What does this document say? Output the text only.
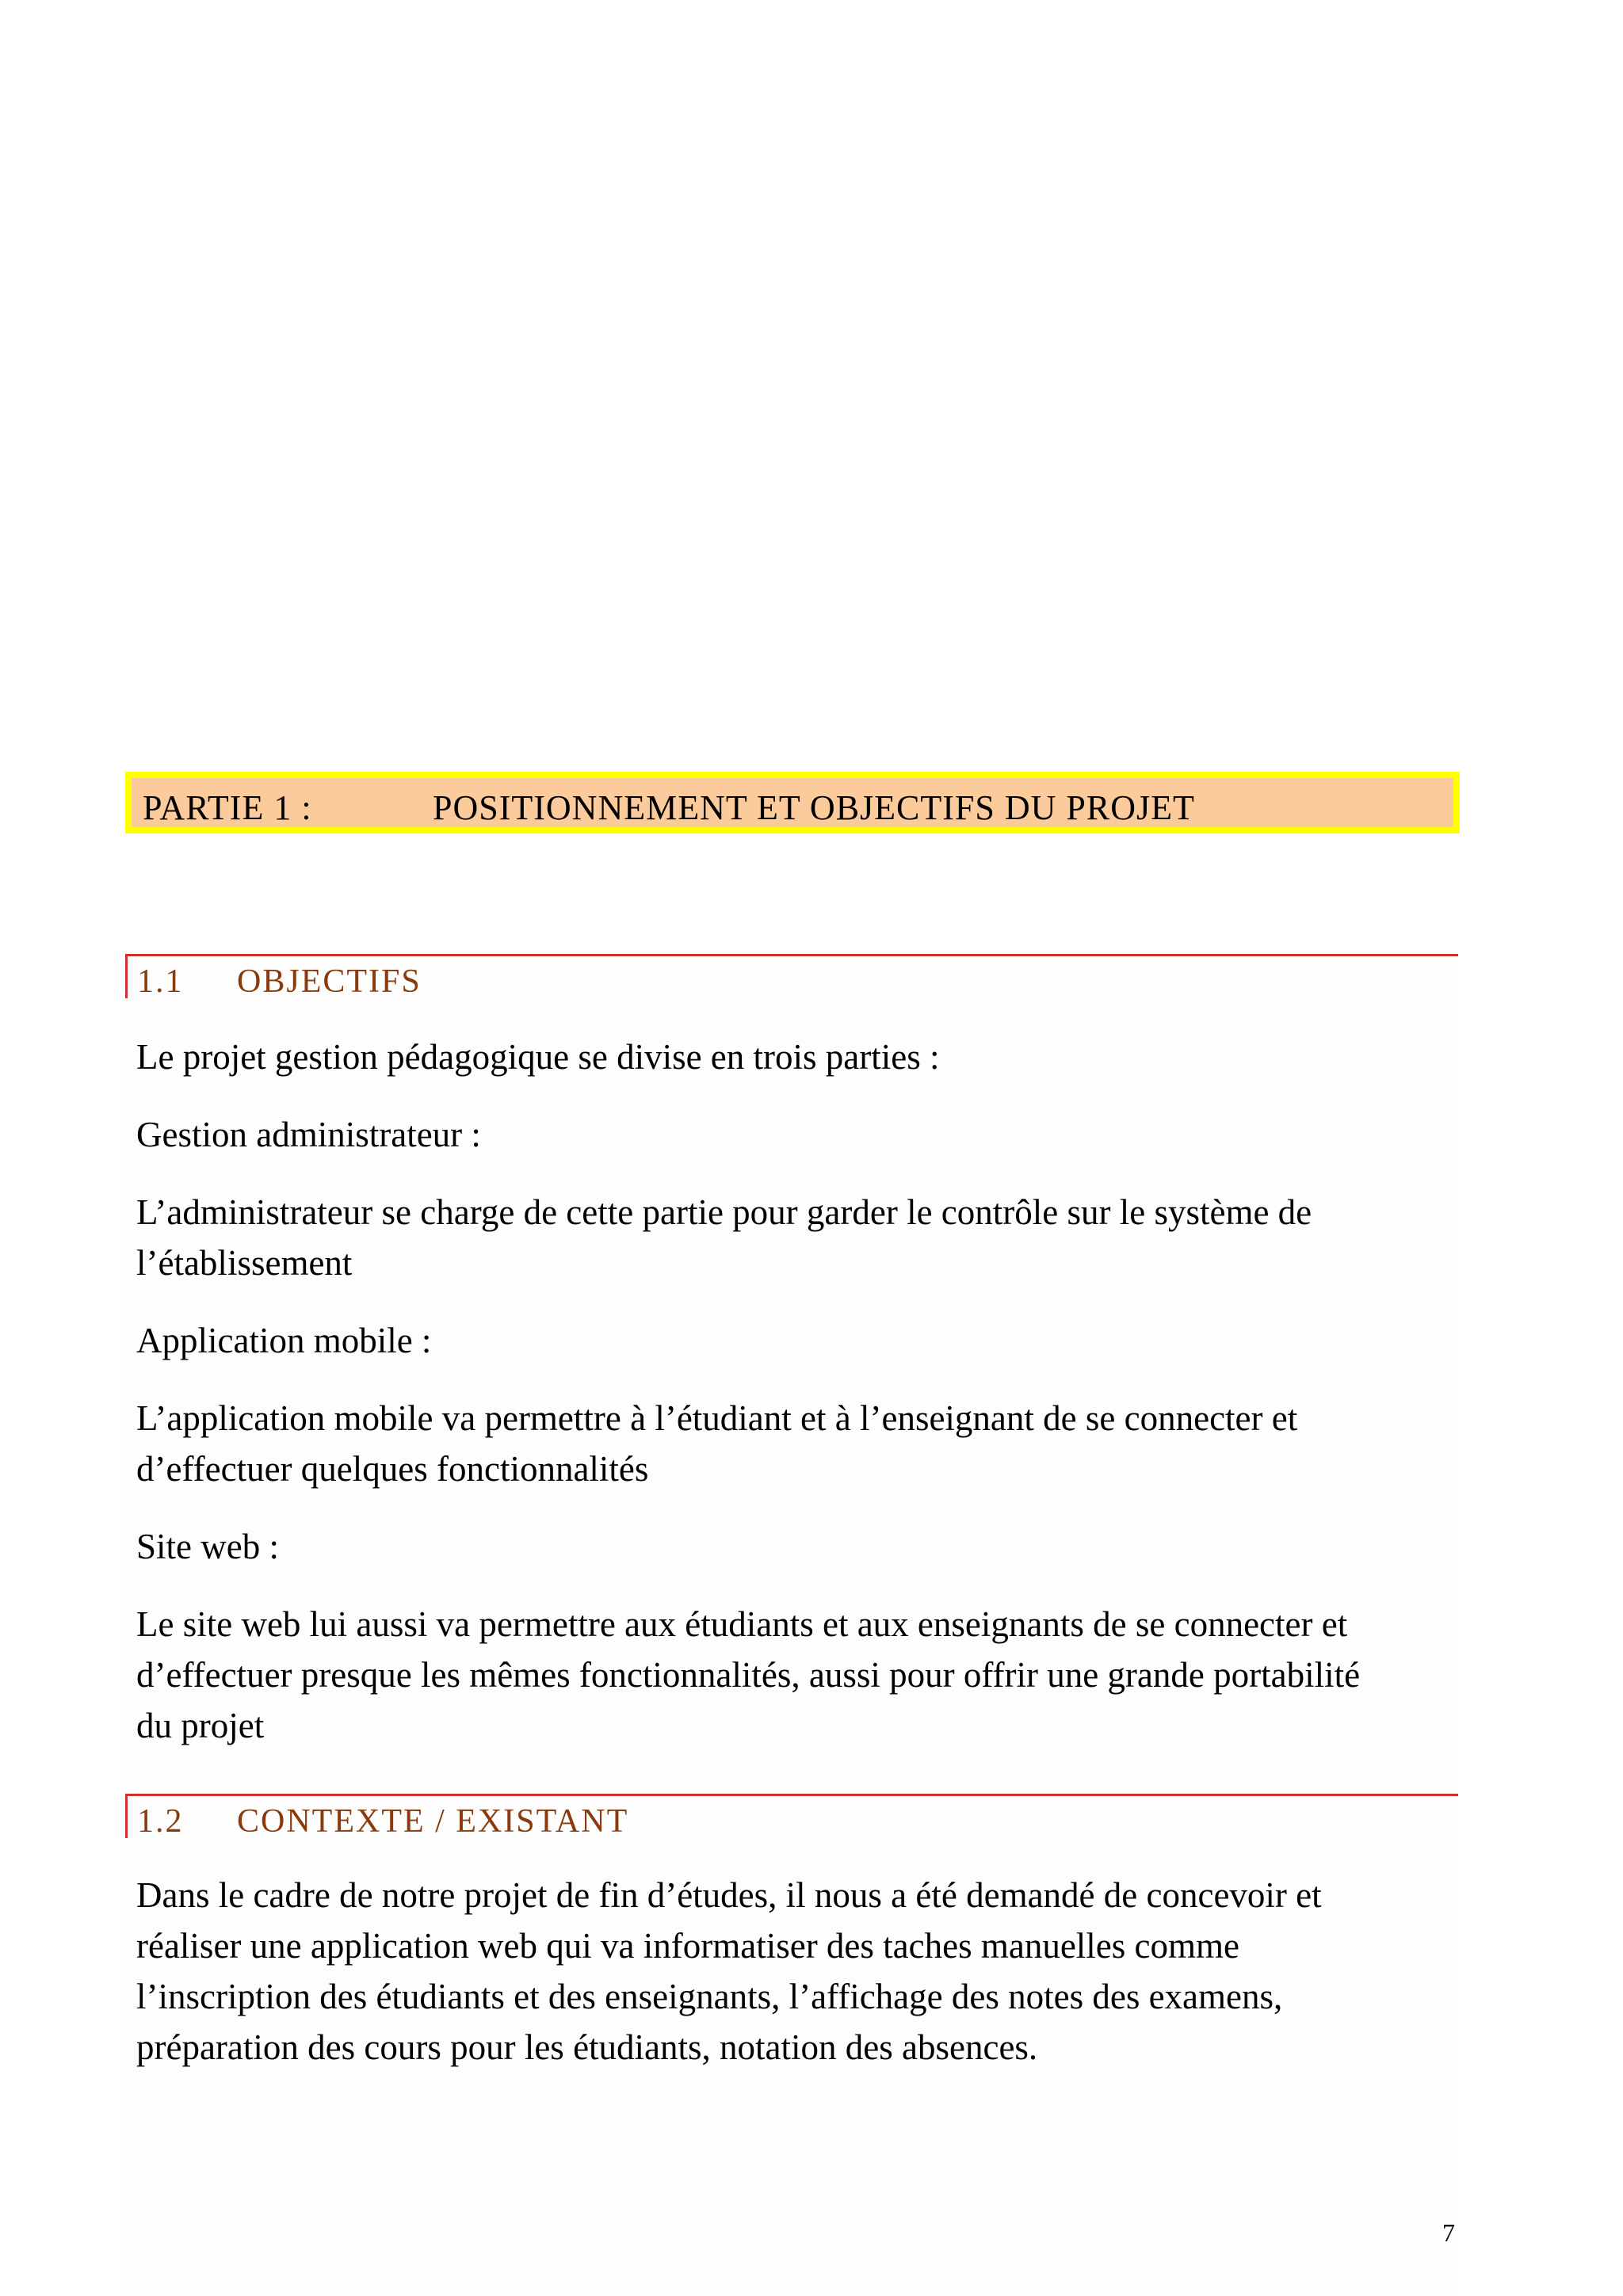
PARTIE 1 :	POSITIONNEMENT ET OBJECTIFS DU PROJET
1.1 OBJECTIFS
Le projet gestion pédagogique se divise en trois parties :
Gestion administrateur :
L’administrateur se charge de cette partie pour garder le contrôle sur le système de
l’établissement
Application mobile :
L’application mobile va permettre à l’étudiant et à l’enseignant de se connecter et
d’effectuer quelques fonctionnalités
Site web :
Le site web lui aussi va permettre aux étudiants et aux enseignants de se connecter et
d’effectuer presque les mêmes fonctionnalités, aussi pour offrir une grande portabilité
du projet
1.2 CONTEXTE / EXISTANT
Dans le cadre de notre projet de fin d’études, il nous a été demandé de concevoir et
réaliser une application web qui va informatiser des taches manuelles comme
l’inscription des étudiants et des enseignants, l’affichage des notes des examens,
préparation des cours pour les étudiants, notation des absences.
7
